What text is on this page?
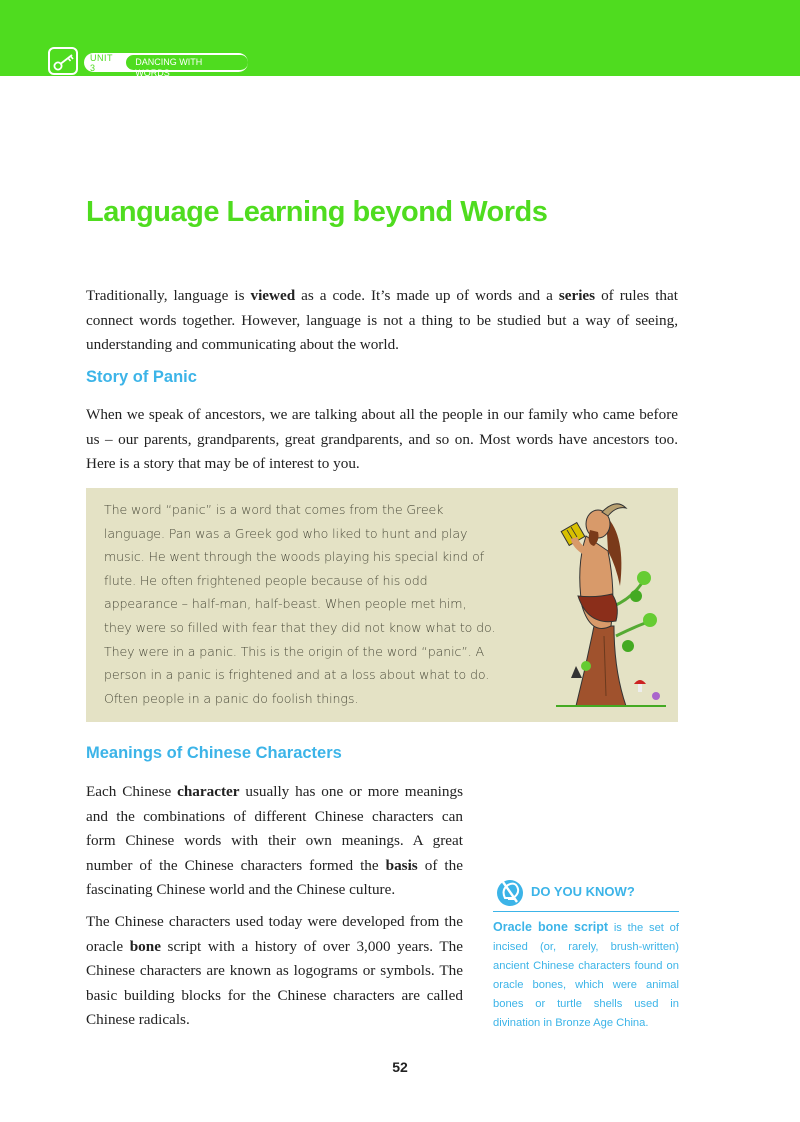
UNIT 3
DANCING WITH WORDS
Language Learning beyond Words

Traditionally, language is viewed as a code. It’s made up of words and a series of rules that connect words together. However, language is not a thing to be studied but a way of seeing, understanding and communicating about the world.

Story of Panic

When we speak of ancestors, we are talking about all the people in our family who came before us – our parents, grandparents, great grandparents, and so on. Most words have ancestors too. Here is a story that may be of interest to you.

The word “panic” is a word that comes from the Greek language. Pan was a Greek god who liked to hunt and play music. He went through the woods playing his special kind of flute. He often frightened people because of his odd appearance – half-man, half-beast. When people met him, they were so filled with fear that they did not know what to do. They were in a panic. This is the origin of the word “panic”. A person in a panic is frightened and at a loss about what to do. Often people in a panic do foolish things.

Meanings of Chinese Characters

Each Chinese character usually has one or more meanings and the combinations of different Chinese characters can form Chinese words with their own meanings. A great number of the Chinese characters formed the basis of the fascinating Chinese world and the Chinese culture.

The Chinese characters used today were developed from the oracle bone script with a history of over 3,000 years. The Chinese characters are known as logograms or symbols. The basic building blocks for the Chinese characters are called Chinese radicals.

DO YOU KNOW?

Oracle bone script is the set of incised (or, rarely, brush-written) ancient Chinese characters found on oracle bones, which were animal bones or turtle shells used in divination in Bronze Age China.

52
